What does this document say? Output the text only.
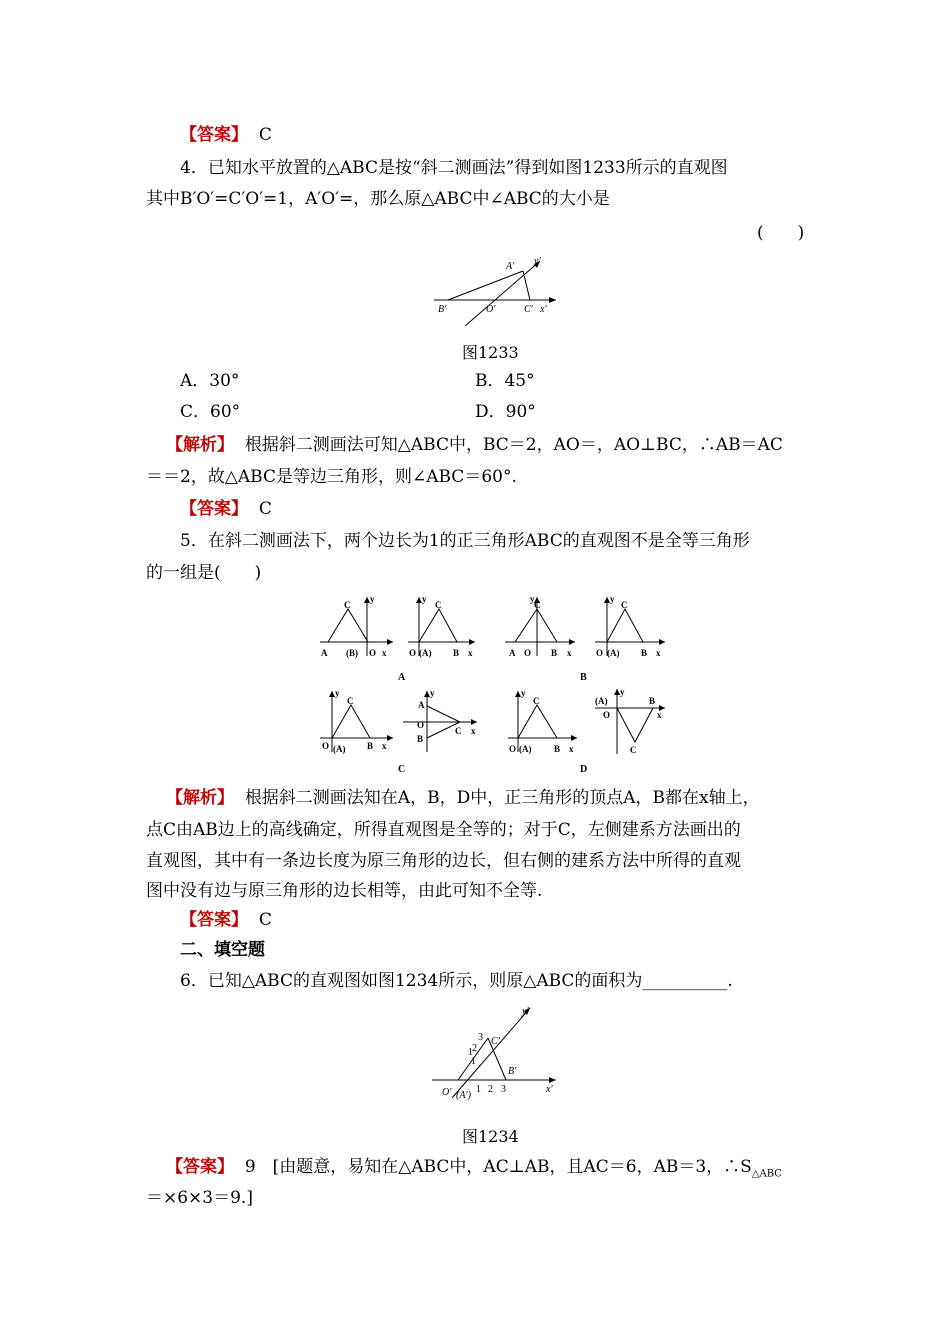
【答案】 C
4．已知水平放置的△ABC是按“斜二测画法”得到如图1233所示的直观图
其中B′O′=C′O′=1，A′O′=，那么原△ABC中∠ABC的大小是
(　　)
A′ y′
B′	O′	C′ x′
图1233
A．30°	B．45°
C．60°	D．90°
【解析】 根据斜二测画法可知△ABC中，BC＝2，AO＝，AO⊥BC，∴AB＝AC
＝＝2，故△ABC是等边三角形，则∠ABC＝60°.
【答案】 C
5．在斜二测画法下，两个边长为1的正三角形ABC的直观图不是全等三角形
的一组是(　　)
C
y
A (B) O x
C
y
O (A) B x
C
y
A O B x
C
y
O (A) B x
A	B
C
y
O (A) B x
y
A
O
B
C x
C
y
O (A)	B x
y
(A)
O
B
x
C
C	D
【解析】 根据斜二测画法知在A，B，D中，正三角形的顶点A，B都在x轴上，
点C由AB边上的高线确定，所得直观图是全等的；对于C，左侧建系方法画出的
直观图，其中有一条边长度为原三角形的边长，但右侧的建系方法中所得的直观
图中没有边与原三角形的边长相等，由此可知不全等.
【答案】 C
二、填空题
6．已知△ABC的直观图如图1234所示，则原△ABC的面积为__________.
y′
1
1 2
3 C′
B′
O′ (A′)
1 2 3	x′
图1234
【答案】 9　[由题意，易知在△ABC中，AC⊥AB，且AC＝6，AB＝3，$\therefore S_{\triangle ABC}$
＝×6×3＝9.]
